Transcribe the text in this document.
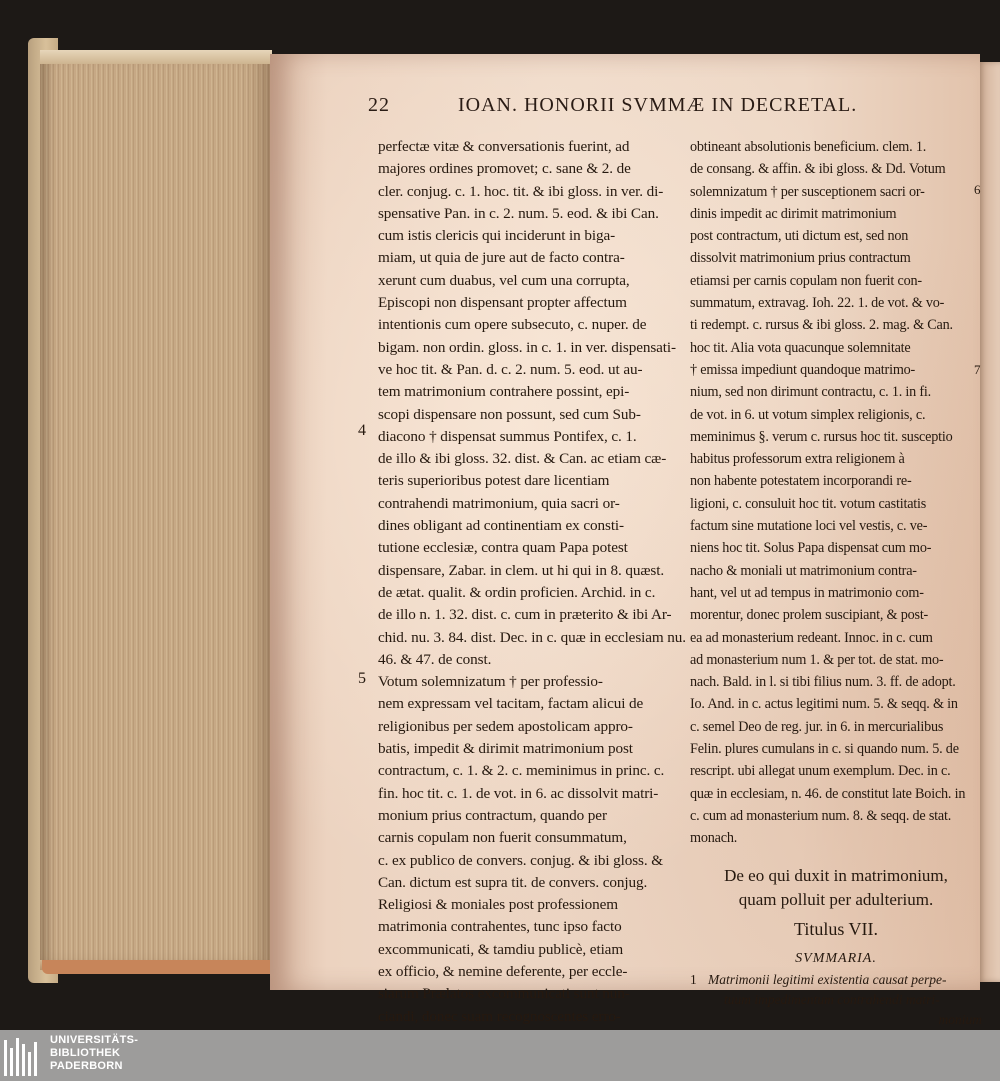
22	IOAN. HONORII SVMMÆ IN DECRETAL.

perfectæ vitæ & conversationis fuerint, ad

majores ordines promovet; c. sane & 2. de

cler. conjug. c. 1. hoc. tit. & ibi gloss. in ver. di-

spensative Pan. in c. 2. num. 5. eod. & ibi Can.

cum istis clericis qui inciderunt in biga-

miam, ut quia de jure aut de facto contra-

xerunt cum duabus, vel cum una corrupta,

Episcopi non dispensant propter affectum

intentionis cum opere subsecuto, c. nuper. de

bigam. non ordin. gloss. in c. 1. in ver. dispensati-

ve hoc tit. & Pan. d. c. 2. num. 5. eod. ut au-

tem matrimonium contrahere possint, epi-

scopi dispensare non possunt, sed cum Sub-

diacono † dispensat summus Pontifex, c. 1.

de illo & ibi gloss. 32. dist. & Can. ac etiam cæ-

teris superioribus potest dare licentiam

contrahendi matrimonium, quia sacri or-

dines obligant ad continentiam ex consti-

tutione ecclesiæ, contra quam Papa potest

dispensare, Zabar. in clem. ut hi qui in 8. quæst.

de ætat. qualit. & ordin proficien. Archid. in c.

de illo n. 1. 32. dist. c. cum in præterito & ibi Ar-

chid. nu. 3. 84. dist. Dec. in c. quæ in ecclesiam nu.

46. & 47. de const.

Votum solemnizatum † per professio-

nem expressam vel tacitam, factam alicui de

religionibus per sedem apostolicam appro-

batis, impedit & dirimit matrimonium post

contractum, c. 1. & 2. c. meminimus in princ. c.

fin. hoc tit. c. 1. de vot. in 6. ac dissolvit matri-

monium prius contractum, quando per

carnis copulam non fuerit consummatum,

c. ex publico de convers. conjug. & ibi gloss. &

Can. dictum est supra tit. de convers. conjug.

Religiosi & moniales post professionem

matrimonia contrahentes, tunc ipso facto

excommunicati, & tamdiu publicè, etiam

ex officio, & nemine deferente, per eccle-

siarum Prælatos excommunicati sunt nun-

ciandi, donec suam recognoscentes erro-

4
5

obtineant absolutionis beneficium. clem. 1.

de consang. & affin. & ibi gloss. & Dd. Votum

solemnizatum † per susceptionem sacri or-

dinis impedit ac dirimit matrimonium

post contractum, uti dictum est, sed non

dissolvit matrimonium prius contractum

etiamsi per carnis copulam non fuerit con-

summatum, extravag. Ioh. 22. 1. de vot. & vo-

ti redempt. c. rursus & ibi gloss. 2. mag. & Can.

hoc tit. Alia vota quacunque solemnitate

† emissa impediunt quandoque matrimo-

nium, sed non dirimunt contractu, c. 1. in fi.

de vot. in 6. ut votum simplex religionis, c.

meminimus §. verum c. rursus hoc tit. susceptio

habitus professorum extra religionem à

non habente potestatem incorporandi re-

ligioni, c. consuluit hoc tit. votum castitatis

factum sine mutatione loci vel vestis, c. ve-

niens hoc tit. Solus Papa dispensat cum mo-

nacho & moniali ut matrimonium contra-

hant, vel ut ad tempus in matrimonio com-

morentur, donec prolem suscipiant, & post-

ea ad monasterium redeant. Innoc. in c. cum

ad monasterium num 1. & per tot. de stat. mo-

nach. Bald. in l. si tibi filius num. 3. ff. de adopt.

Io. And. in c. actus legitimi num. 5. & seqq. & in

c. semel Deo de reg. jur. in 6. in mercurialibus

Felin. plures cumulans in c. si quando num. 5. de

rescript. ubi allegat unum exemplum. Dec. in c.

quæ in ecclesiam, n. 46. de constitut late Boich. in

c. cum ad monasterium num. 8. & seqq. de stat.

monach.

De eo qui duxit in matrimonium,

quam polluit per adulterium.

Titulus VII.

SVMMARIA.

1 Matrimonii legitimi existentia causat perpe-

tuum impedimentum contrahendi matri-

monium

6
7
UNIVERSITÄTS-
BIBLIOTHEK
PADERBORN
